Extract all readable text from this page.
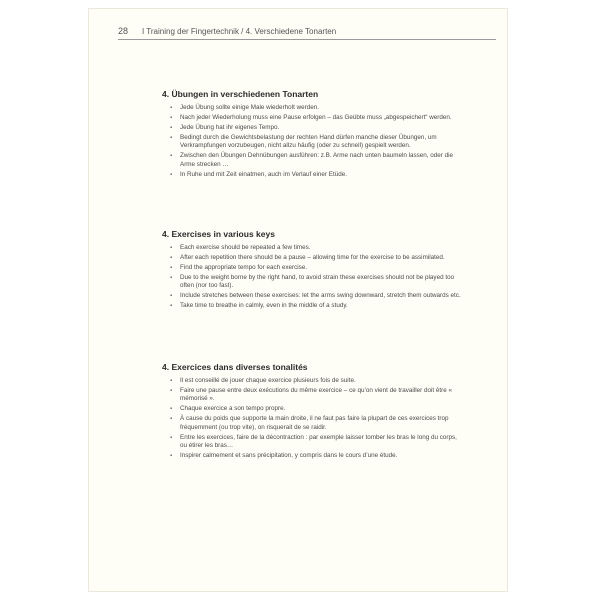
28 I Training der Fingertechnik / 4. Verschiedene Tonarten
4. Übungen in verschiedenen Tonarten
▪ Jede Übung sollte einige Male wiederholt werden.
▪ Nach jeder Wiederholung muss eine Pause erfolgen – das Geübte muss „abgespeichert“ werden.
▪ Jede Übung hat ihr eigenes Tempo.
▪ Bedingt durch die Gewichtsbelastung der rechten Hand dürfen manche dieser Übungen, um Verkrampfungen vorzubeugen, nicht allzu häufig (oder zu schnell) gespielt werden.
▪ Zwischen den Übungen Dehnübungen ausführen: z.B. Arme nach unten baumeln lassen, oder die Arme strecken …
▪ In Ruhe und mit Zeit einatmen, auch im Verlauf einer Etüde.
4. Exercises in various keys
▪ Each exercise should be repeated a few times.
▪ After each repetition there should be a pause – allowing time for the exercise to be assimilated.
▪ Find the appropriate tempo for each exercise.
▪ Due to the weight borne by the right hand, to avoid strain these exercises should not be played too often (nor too fast).
▪ Include stretches between these exercises: let the arms swing downward, stretch them outwards etc.
▪ Take time to breathe in calmly, even in the middle of a study.
4. Exercices dans diverses tonalités
▪ Il est conseillé de jouer chaque exercice plusieurs fois de suite.
▪ Faire une pause entre deux exécutions du même exercice – ce qu’on vient de travailler doit être « mémorisé ».
▪ Chaque exercice a son tempo propre.
▪ À cause du poids que supporte la main droite, il ne faut pas faire la plupart de ces exercices trop fréquemment (ou trop vite), on risquerait de se raidir.
▪ Entre les exercices, faire de la décontraction : par exemple laisser tomber les bras le long du corps, ou étirer les bras…
▪ Inspirer calmement et sans précipitation, y compris dans le cours d’une étude.
